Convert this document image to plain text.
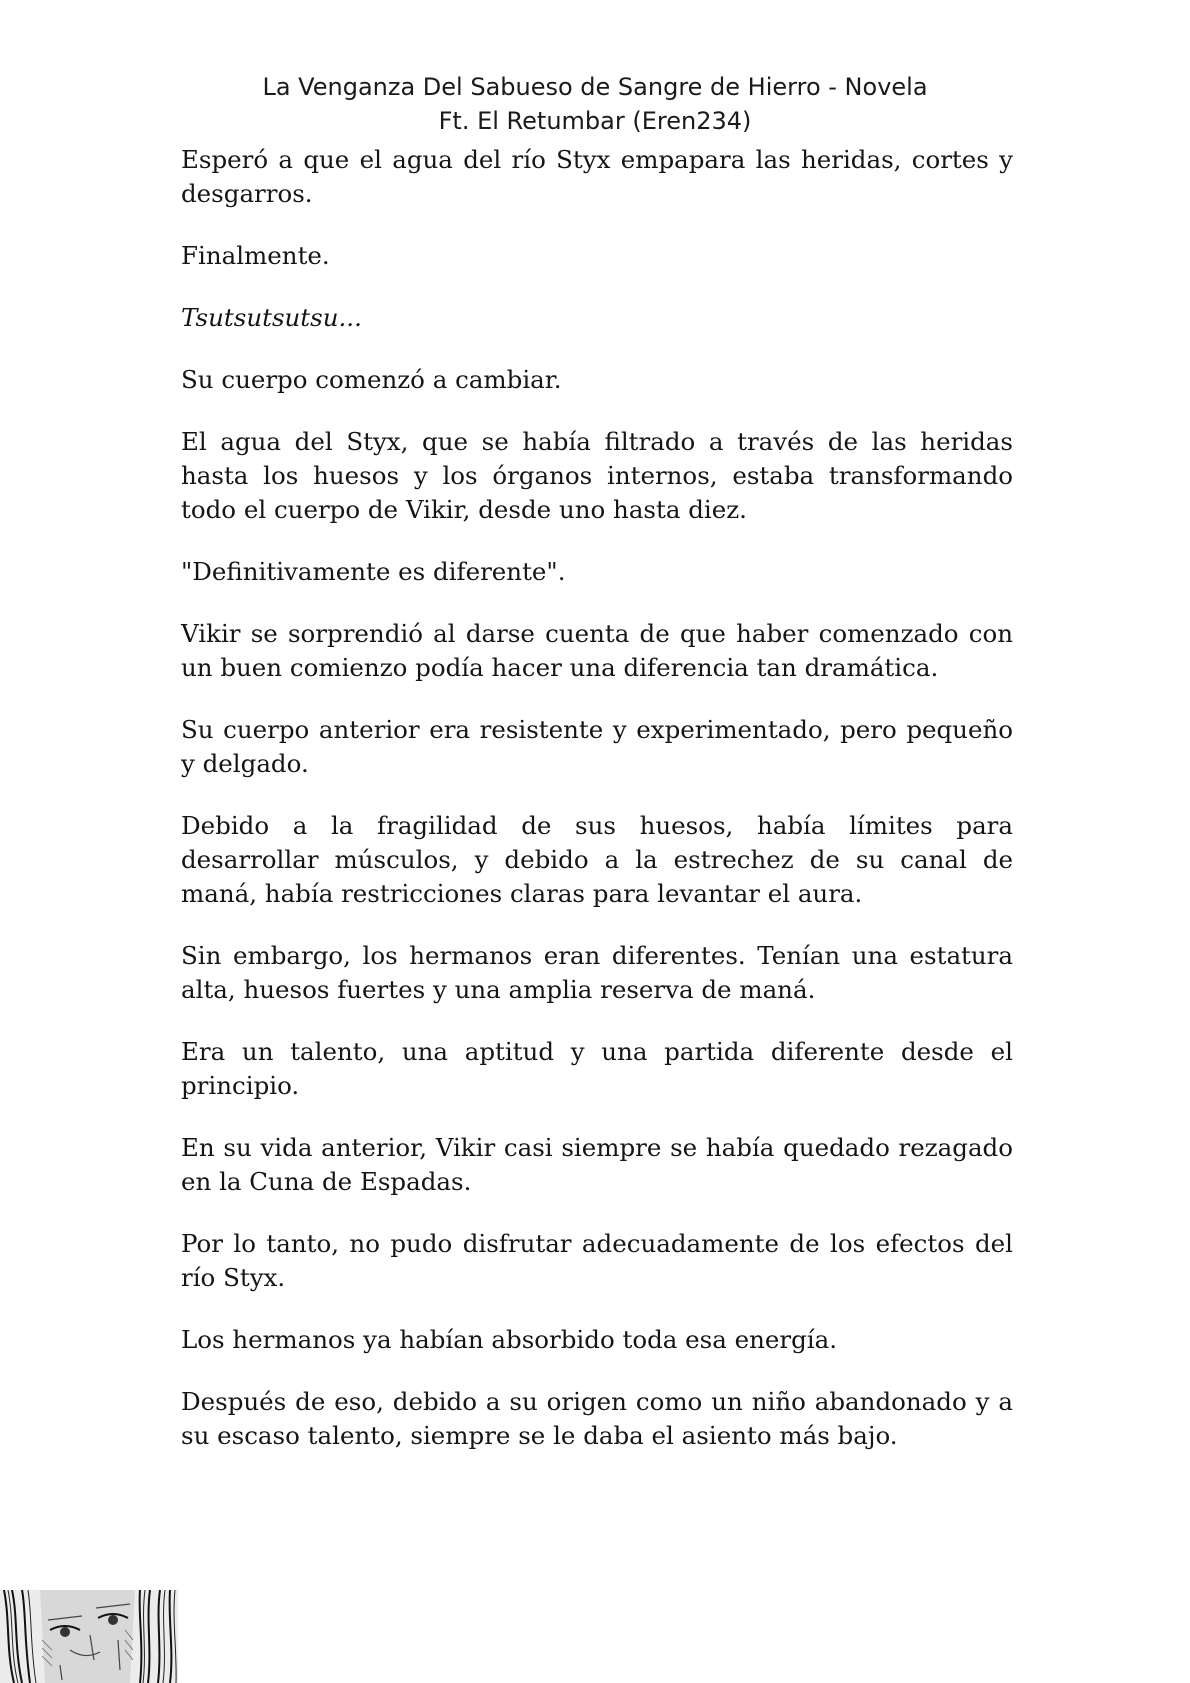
La Venganza Del Sabueso de Sangre de Hierro - Novela
Ft. El Retumbar (Eren234)

Esperó a que el agua del río Styx empapara las heridas, cortes y desgarros.

Finalmente.

Tsutsutsutsu...

Su cuerpo comenzó a cambiar.

El agua del Styx, que se había filtrado a través de las heridas hasta los huesos y los órganos internos, estaba transformando todo el cuerpo de Vikir, desde uno hasta diez.

"Definitivamente es diferente".

Vikir se sorprendió al darse cuenta de que haber comenzado con un buen comienzo podía hacer una diferencia tan dramática.

Su cuerpo anterior era resistente y experimentado, pero pequeño y delgado.

Debido a la fragilidad de sus huesos, había límites para desarrollar músculos, y debido a la estrechez de su canal de maná, había restricciones claras para levantar el aura.

Sin embargo, los hermanos eran diferentes. Tenían una estatura alta, huesos fuertes y una amplia reserva de maná.

Era un talento, una aptitud y una partida diferente desde el principio.

En su vida anterior, Vikir casi siempre se había quedado rezagado en la Cuna de Espadas.

Por lo tanto, no pudo disfrutar adecuadamente de los efectos del río Styx.

Los hermanos ya habían absorbido toda esa energía.

Después de eso, debido a su origen como un niño abandonado y a su escaso talento, siempre se le daba el asiento más bajo.
